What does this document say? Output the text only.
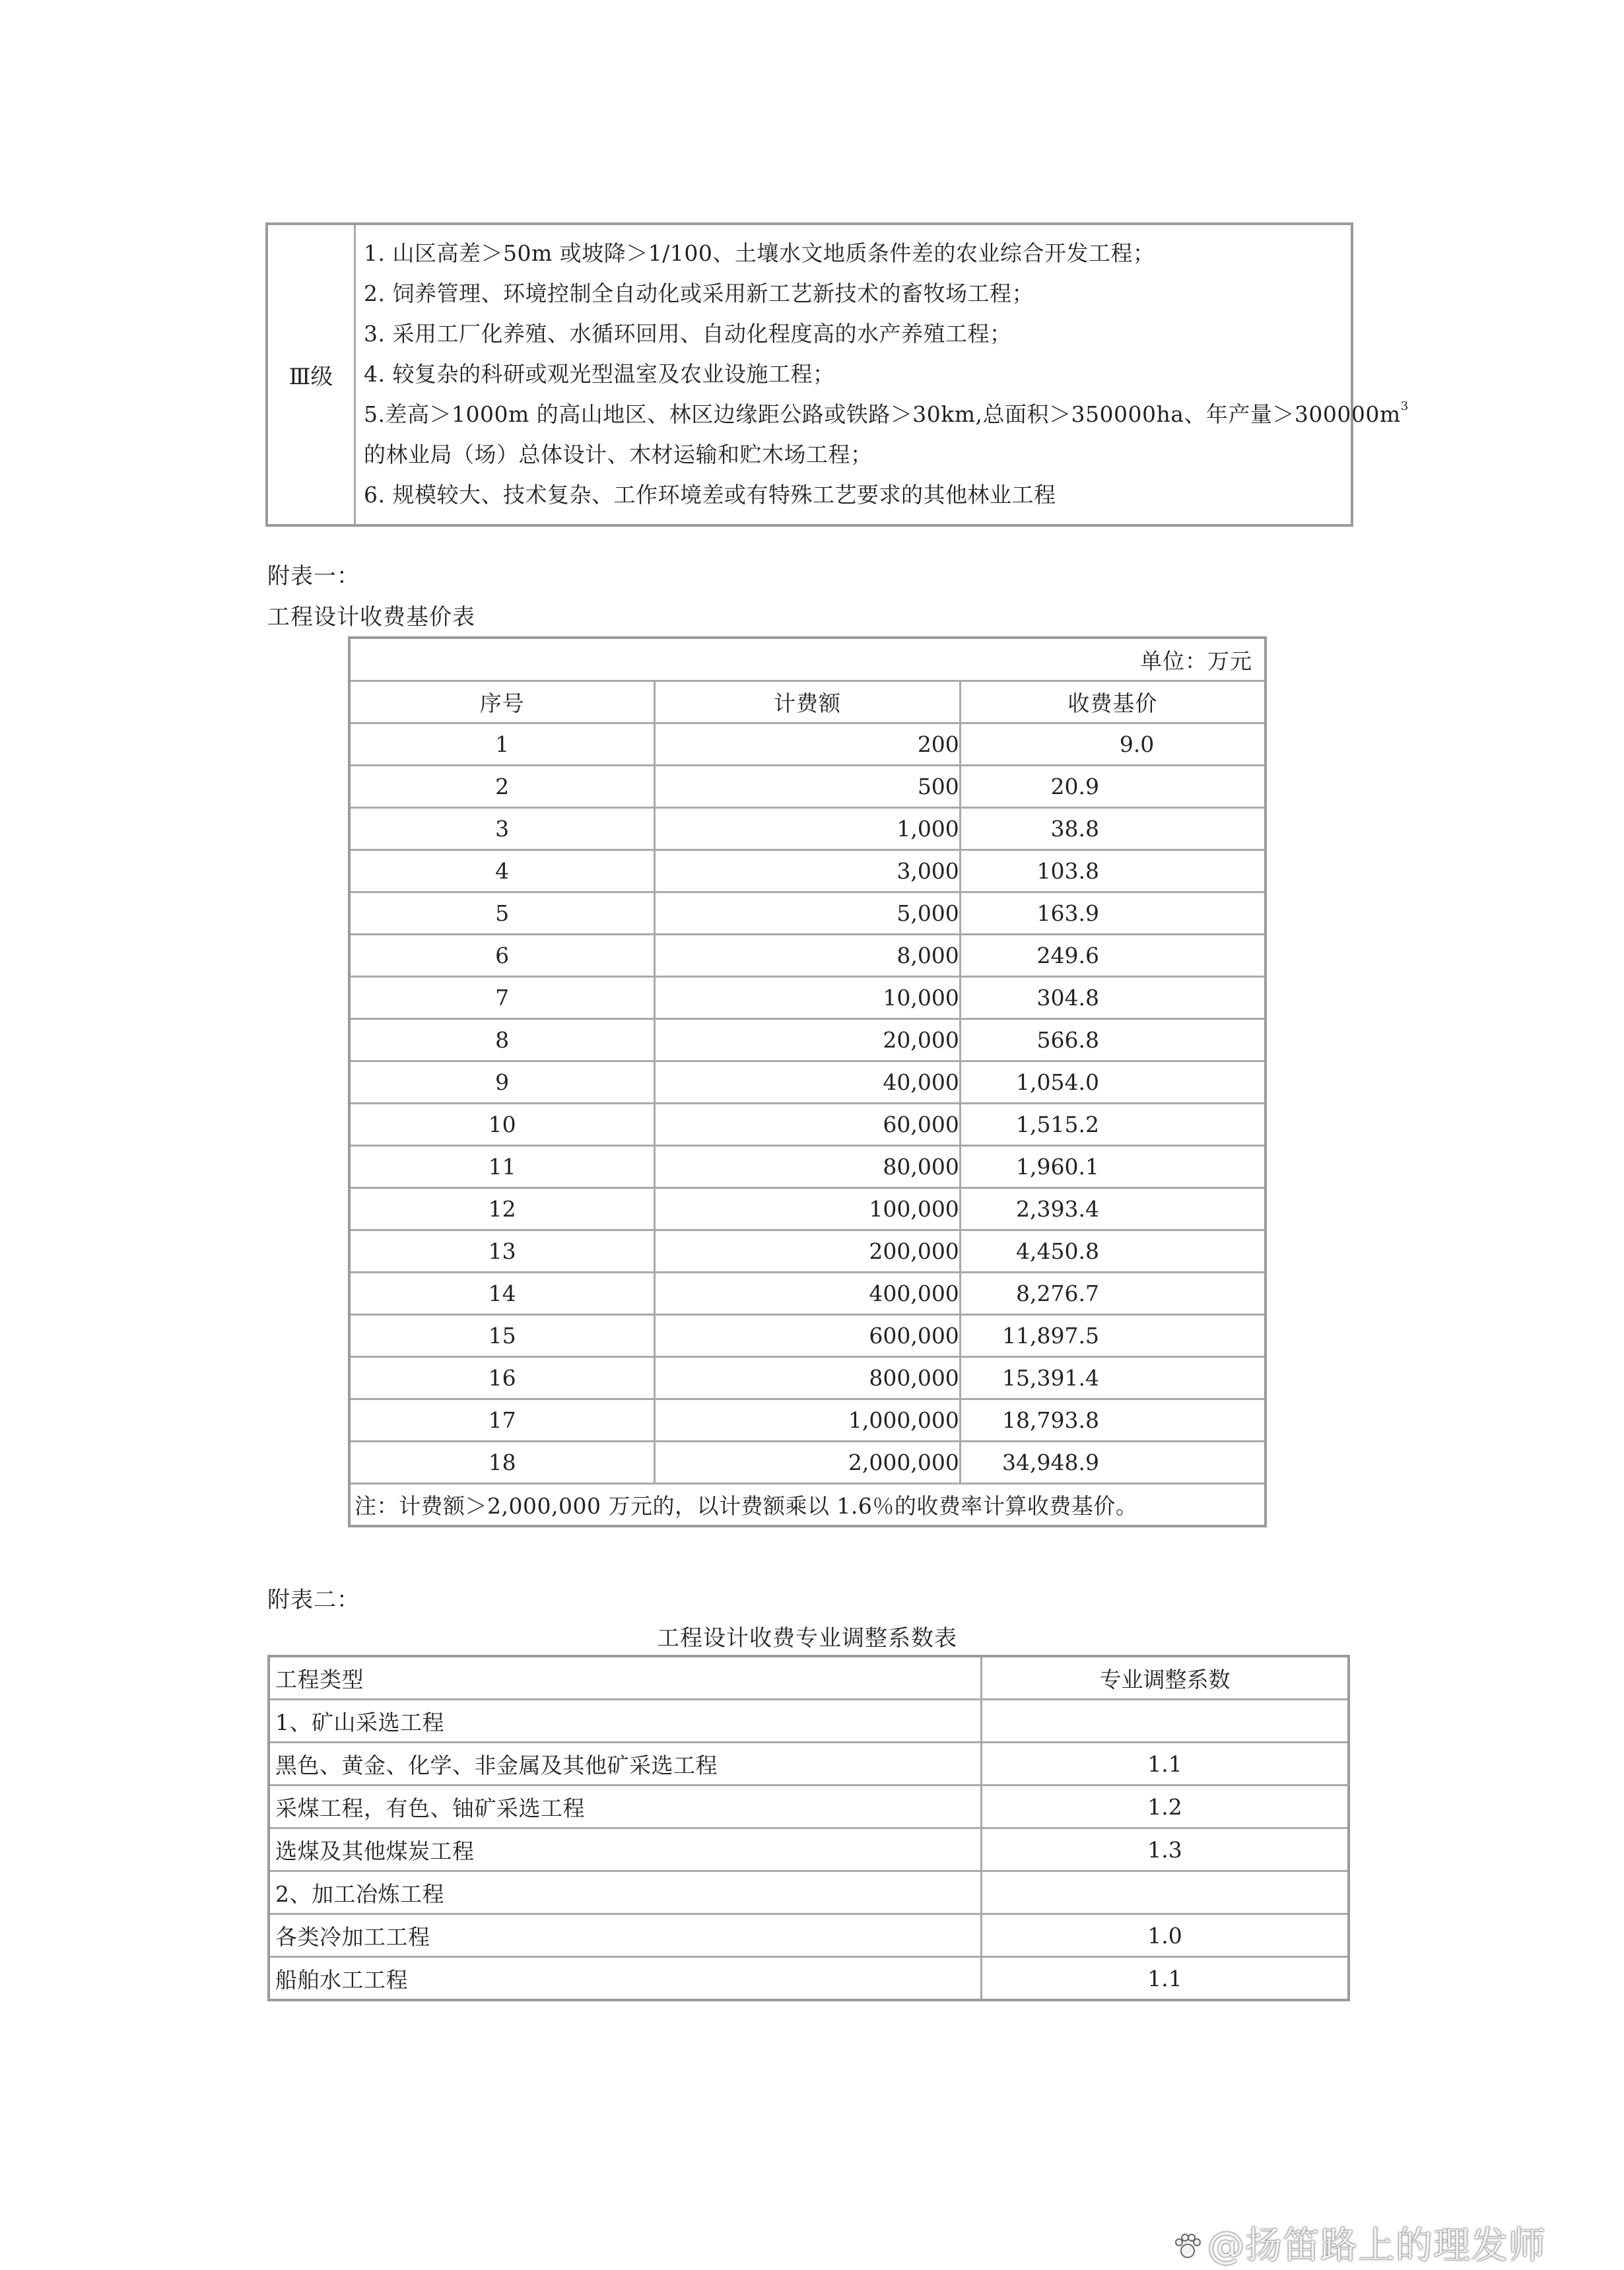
Ⅲ级	
1. 山区高差＞50m 或坡降＞1/100、土壤水文地质条件差的农业综合开发工程；
2. 饲养管理、环境控制全自动化或采用新工艺新技术的畜牧场工程；
3. 采用工厂化养殖、水循环回用、自动化程度高的水产养殖工程；
4. 较复杂的科研或观光型温室及农业设施工程；
5.差高＞1000m 的高山地区、林区边缘距公路或铁路＞30km,总面积＞350000ha、年产量$>300000m^3$
的林业局（场）总体设计、木材运输和贮木场工程；
6. 规模较大、技术复杂、工作环境差或有特殊工艺要求的其他林业工程
附表一：
工程设计收费基价表
单位：万元		
序号	计费额	收费基价
1	200	9.0
2	500	20.9
3	1,000	38.8
4	3,000	103.8
5	5,000	163.9
6	8,000	249.6
7	10,000	304.8
8	20,000	566.8
9	40,000	1,054.0
10	60,000	1,515.2
11	80,000	1,960.1
12	100,000	2,393.4
13	200,000	4,450.8
14	400,000	8,276.7
15	600,000	11,897.5
16	800,000	15,391.4
17	1,000,000	18,793.8
18	2,000,000	34,948.9
注：计费额＞2,000,000 万元的，以计费额乘以 1.6％的收费率计算收费基价。		
附表二：
工程设计收费专业调整系数表
工程类型	专业调整系数
1、矿山采选工程	
黑色、黄金、化学、非金属及其他矿采选工程	1.1
采煤工程，有色、铀矿采选工程	1.2
选煤及其他煤炭工程	1.3
2、加工冶炼工程	
各类冷加工工程	1.0
船舶水工工程	1.1
@扬笛路上的理发师
